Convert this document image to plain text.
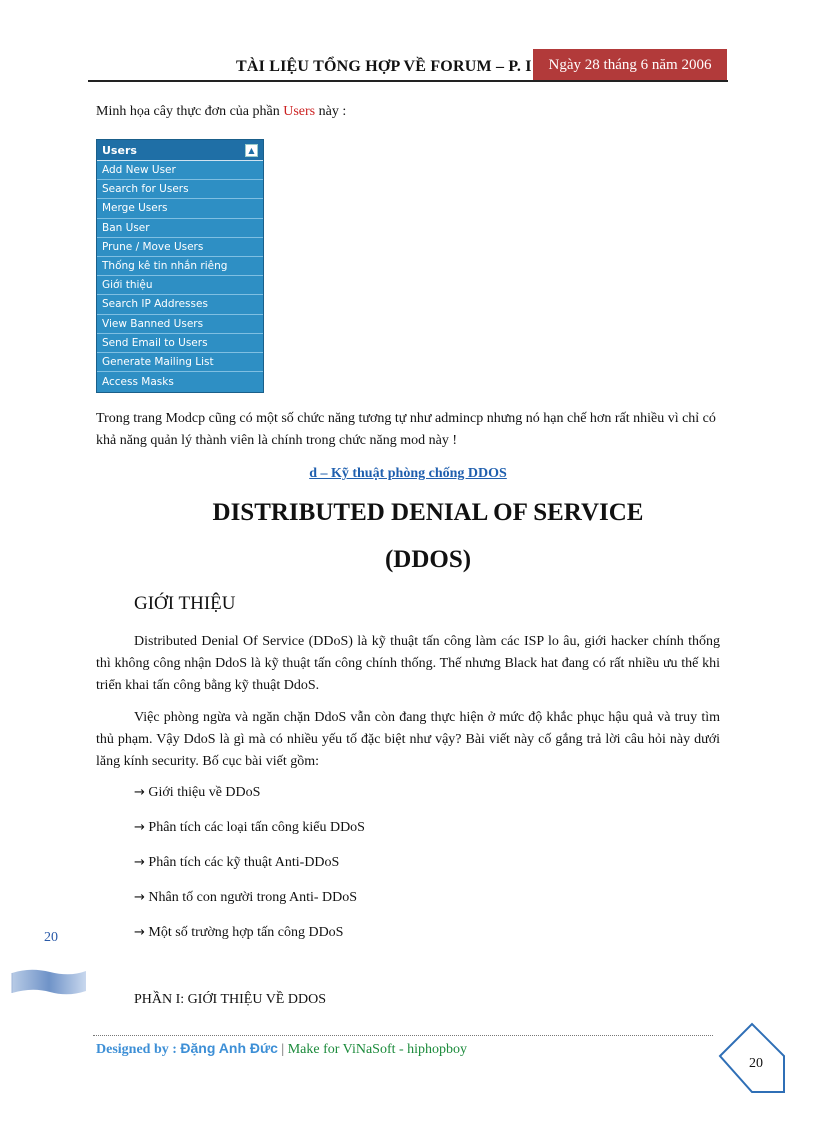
TÀI LIỆU TỔNG HỢP VỀ FORUM – P. I	Ngày 28 tháng 6 năm 2006

Minh họa cây thực đơn của phần Users này :

Users	▲
Add New User
Search for Users
Merge Users
Ban User
Prune / Move Users
Thống kê tin nhắn riêng
Giới thiệu
Search IP Addresses
View Banned Users
Send Email to Users
Generate Mailing List
Access Masks

Trong trang Modcp cũng có một số chức năng tương tự như admincp nhưng nó hạn chế hơn rất nhiều vì chỉ có khả năng quản lý thành viên là chính trong chức năng mod này !

d – Kỹ thuật phòng chống DDOS
DISTRIBUTED DENIAL OF SERVICE
(DDOS)
GIỚI THIỆU

Distributed Denial Of Service (DDoS) là kỹ thuật tấn công làm các ISP lo âu, giới hacker chính thống thì không công nhận DdoS là kỹ thuật tấn công chính thống. Thế nhưng Black hat đang có rất nhiều ưu thế khi triển khai tấn công bằng kỹ thuật DdoS.

Việc phòng ngừa và ngăn chặn DdoS vẫn còn đang thực hiện ở mức độ khắc phục hậu quả và truy tìm thủ phạm. Vậy DdoS là gì mà có nhiều yếu tố đặc biệt như vậy? Bài viết này cố gắng trả lời câu hỏi này dưới lăng kính security. Bố cục bài viết gồm:

→ Giới thiệu về DDoS
→ Phân tích các loại tấn công kiểu DDoS
→ Phân tích các kỹ thuật Anti-DDoS
→ Nhân tố con người trong Anti- DDoS
→ Một số trường hợp tấn công DDoS
20
PHẦN I: GIỚI THIỆU VỀ DDOS
Designed by : Đặng Anh Đức | Make for ViNaSoft - hiphopboy
20
